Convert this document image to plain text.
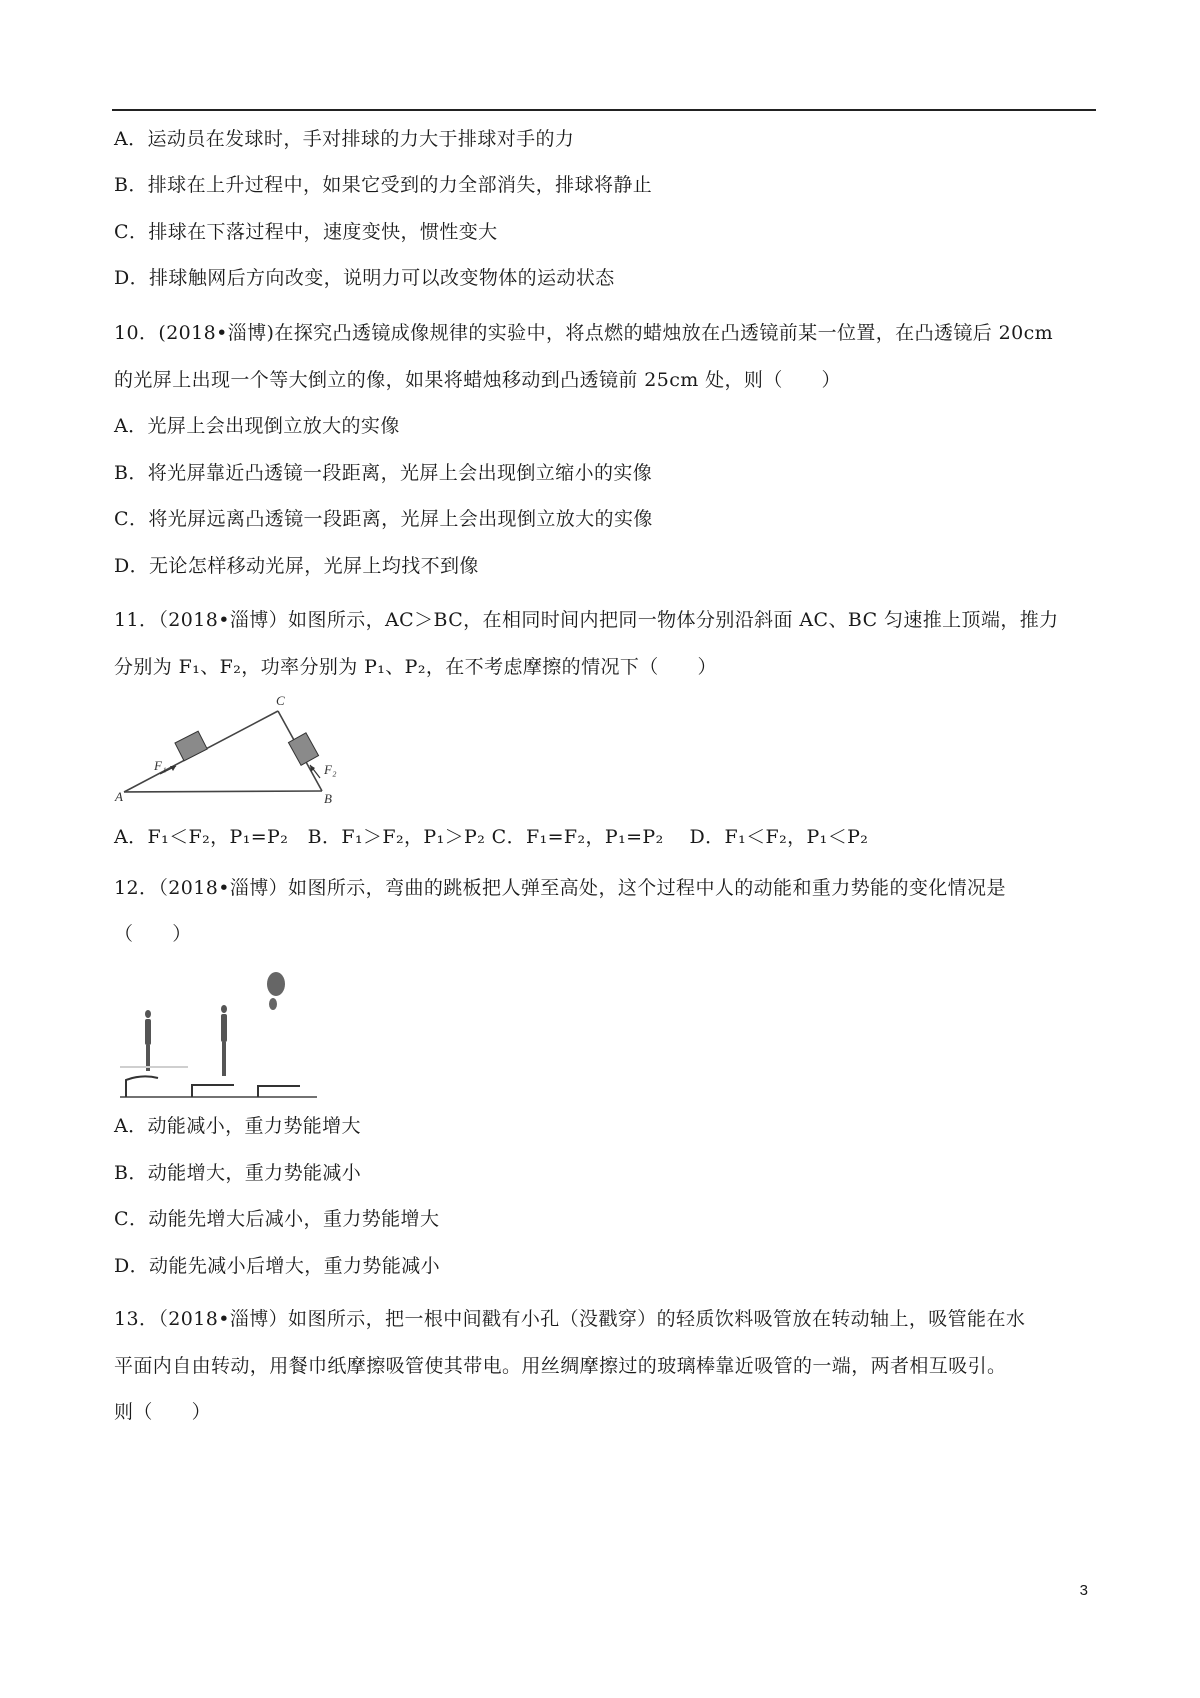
A．运动员在发球时，手对排球的力大于排球对手的力
B．排球在上升过程中，如果它受到的力全部消失，排球将静止
C．排球在下落过程中，速度变快，惯性变大
D．排球触网后方向改变，说明力可以改变物体的运动状态
10．(2018•淄博)在探究凸透镜成像规律的实验中，将点燃的蜡烛放在凸透镜前某一位置，在凸透镜后 20cm
的光屏上出现一个等大倒立的像，如果将蜡烛移动到凸透镜前 25cm 处，则（　　）
A．光屏上会出现倒立放大的实像
B．将光屏靠近凸透镜一段距离，光屏上会出现倒立缩小的实像
C．将光屏远离凸透镜一段距离，光屏上会出现倒立放大的实像
D．无论怎样移动光屏，光屏上均找不到像
11．（2018•淄博）如图所示，AC＞BC，在相同时间内把同一物体分别沿斜面 AC、BC 匀速推上顶端，推力
分别为 F₁、F₂，功率分别为 P₁、P₂，在不考虑摩擦的情况下（　　）
A	B
C
F₁	F₂
A．F₁＜F₂，P₁=P₂　B．F₁＞F₂，P₁＞P₂ C．F₁=F₂，P₁=P₂　 D．F₁＜F₂，P₁＜P₂
12．（2018•淄博）如图所示，弯曲的跳板把人弹至高处，这个过程中人的动能和重力势能的变化情况是
（　　）
A．动能减小，重力势能增大
B．动能增大，重力势能减小
C．动能先增大后减小，重力势能增大
D．动能先减小后增大，重力势能减小
13．（2018•淄博）如图所示，把一根中间戳有小孔（没戳穿）的轻质饮料吸管放在转动轴上，吸管能在水
平面内自由转动，用餐巾纸摩擦吸管使其带电。用丝绸摩擦过的玻璃棒靠近吸管的一端，两者相互吸引。
则（　　）
3
